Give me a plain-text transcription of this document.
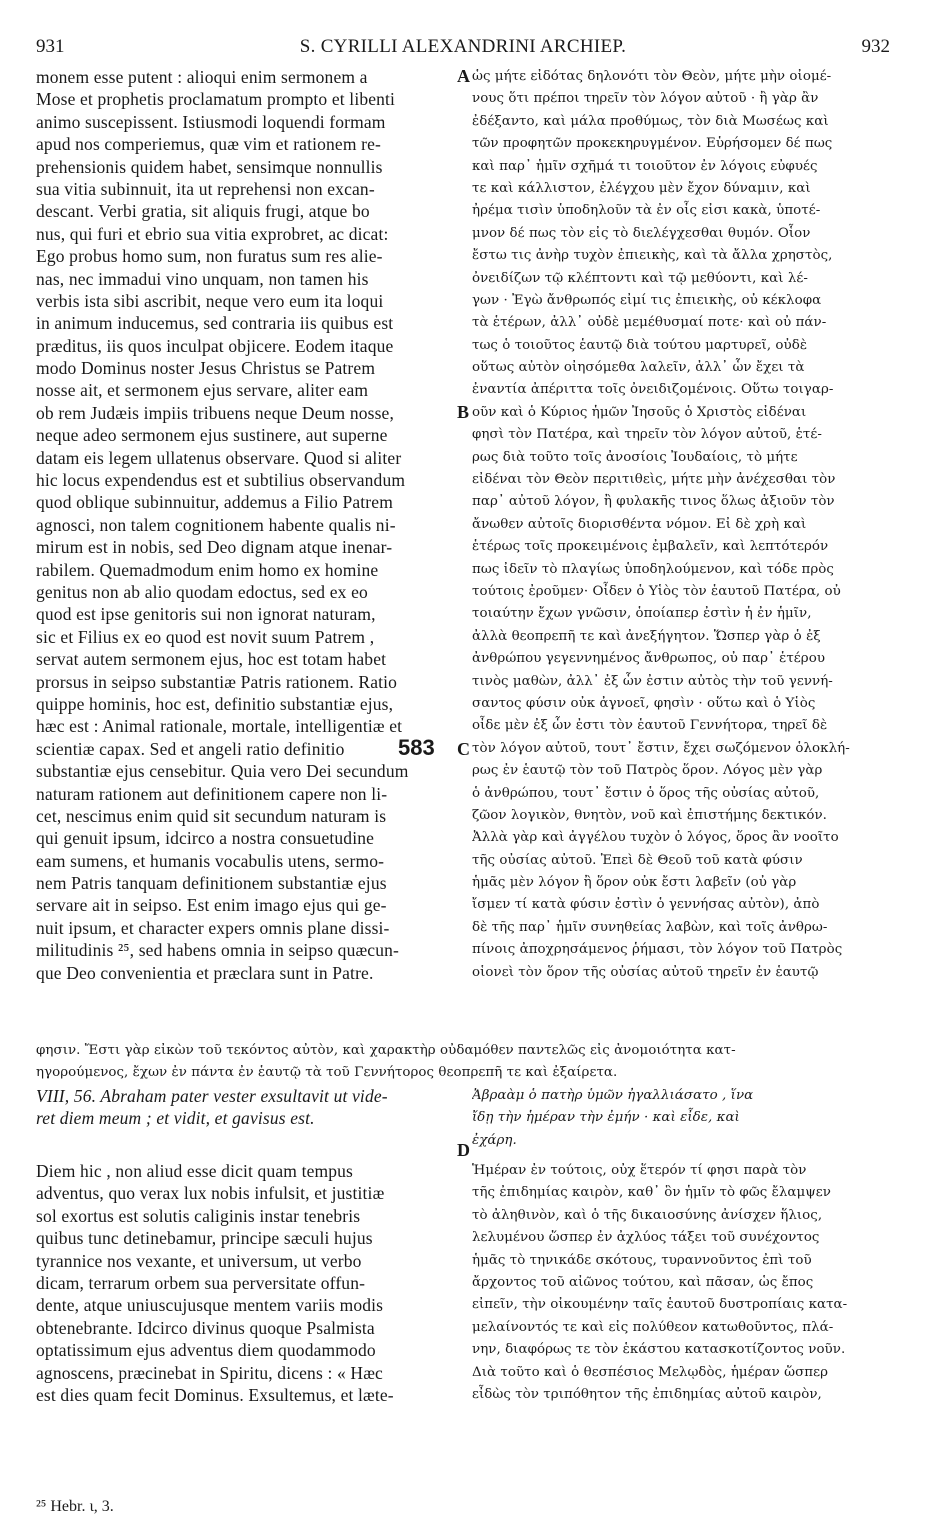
931	S. CYRILLI ALEXANDRINI ARCHIEP.	932
monem esse putent : alioqui enim sermonem a
Mose et prophetis proclamatum prompto et libenti
animo suscepissent. Istiusmodi loquendi formam
apud nos comperiemus, quæ vim et rationem re-
prehensionis quidem habet, sensimque nonnullis
sua vitia subinnuit, ita ut reprehensi non excan-
descant. Verbi gratia, sit aliquis frugi, atque bo
nus, qui furi et ebrio sua vitia exprobret, ac dicat:
Ego probus homo sum, non furatus sum res alie-
nas, nec immadui vino unquam, non tamen his
verbis ista sibi ascribit, neque vero eum ita loqui
in animum inducemus, sed contraria iis quibus est
præditus, iis quos inculpat objicere. Eodem itaque
modo Dominus noster Jesus Christus se Patrem
nosse ait, et sermonem ejus servare, aliter eam
ob rem Judæis impiis tribuens neque Deum nosse,
neque adeo sermonem ejus sustinere, aut superne
datam eis legem ullatenus observare. Quod si aliter
hic locus expendendus est et subtilius observandum
quod oblique subinnuitur, addemus a Filio Patrem
agnosci, non talem cognitionem habente qualis ni-
mirum est in nobis, sed Deo dignam atque inenar-
rabilem. Quemadmodum enim homo ex homine
genitus non ab alio quodam edoctus, sed ex eo
quod est ipse genitoris sui non ignorat naturam,
sic et Filius ex eo quod est novit suum Patrem ,
servat autem sermonem ejus, hoc est totam habet
prorsus in seipso substantiæ Patris rationem. Ratio
quippe hominis, hoc est, definitio substantiæ ejus,
hæc est : Animal rationale, mortale, intelligentiæ et
scientiæ capax. Sed et angeli ratio definitio
substantiæ ejus censebitur. Quia vero Dei secundum
naturam rationem aut definitionem capere non li-
cet, nescimus enim quid sit secundum naturam is
qui genuit ipsum, idcirco a nostra consuetudine
eam sumens, et humanis vocabulis utens, sermo-
nem Patris tanquam definitionem substantiæ ejus
servare ait in seipso. Est enim imago ejus qui ge-
nuit ipsum, et character expers omnis plane dissi-
militudinis ²⁵, sed habens omnia in seipso quæcun-
que Deo convenientia et præclara sunt in Patre.
ὡς μήτε εἰδότας δηλονότι τὸν Θεὸν, μήτε μὴν οἰομέ-
νους ὅτι πρέποι τηρεῖν τὸν λόγον αὐτοῦ · ἢ γὰρ ἂν
ἐδέξαντο, καὶ μάλα προθύμως, τὸν διὰ Μωσέως καὶ
τῶν προφητῶν προκεκηρυγμένον. Εὑρήσομεν δέ πως
καὶ παρ᾽ ἡμῖν σχῆμά τι τοιοῦτον ἐν λόγοις εὐφυές
τε καὶ κάλλιστον, ἐλέγχου μὲν ἔχον δύναμιν, καὶ
ἠρέμα τισὶν ὑποδηλοῦν τὰ ἐν οἷς εἰσι κακὰ, ὑποτέ-
μνον δέ πως τὸν εἰς τὸ διελέγχεσθαι θυμόν. Οἷον
ἔστω τις ἀνὴρ τυχὸν ἐπιεικὴς, καὶ τὰ ἄλλα χρηστὸς,
ὀνειδίζων τῷ κλέπτοντι καὶ τῷ μεθύοντι, καὶ λέ-
γων · Ἐγὼ ἄνθρωπός εἰμί τις ἐπιεικὴς, οὐ κέκλοφα
τὰ ἑτέρων, ἀλλ᾽ οὐδὲ μεμέθυσμαί ποτε· καὶ οὐ πάν-
τως ὁ τοιοῦτος ἑαυτῷ διὰ τούτου μαρτυρεῖ, οὐδὲ
οὕτως αὐτὸν οἰησόμεθα λαλεῖν, ἀλλ᾽ ὧν ἔχει τὰ
ἐναντία ἀπέριττα τοῖς ὀνειδιζομένοις. Οὕτω τοιγαρ-
οῦν καὶ ὁ Κύριος ἡμῶν Ἰησοῦς ὁ Χριστὸς εἰδέναι
φησὶ τὸν Πατέρα, καὶ τηρεῖν τὸν λόγον αὐτοῦ, ἑτέ-
ρως διὰ τοῦτο τοῖς ἀνοσίοις Ἰουδαίοις, τὸ μήτε
εἰδέναι τὸν Θεὸν περιτιθεὶς, μήτε μὴν ἀνέχεσθαι τὸν
παρ᾽ αὐτοῦ λόγον, ἢ φυλακῆς τινος ὅλως ἀξιοῦν τὸν
ἄνωθεν αὐτοῖς διορισθέντα νόμον. Εἰ δὲ χρὴ καὶ
ἑτέρως τοῖς προκειμένοις ἐμβαλεῖν, καὶ λεπτότερόν
πως ἰδεῖν τὸ πλαγίως ὑποδηλούμενον, καὶ τόδε πρὸς
τούτοις ἐροῦμεν· Οἶδεν ὁ Υἱὸς τὸν ἑαυτοῦ Πατέρα, οὐ
τοιαύτην ἔχων γνῶσιν, ὁποίαπερ ἐστὶν ἡ ἐν ἡμῖν,
ἀλλὰ θεοπρεπῆ τε καὶ ἀνεξήγητον. Ὥσπερ γὰρ ὁ ἐξ
ἀνθρώπου γεγεννημένος ἄνθρωπος, οὐ παρ᾽ ἑτέρου
τινὸς μαθὼν, ἀλλ᾽ ἐξ ὧν ἐστιν αὐτὸς τὴν τοῦ γεννή-
σαντος φύσιν οὐκ ἀγνοεῖ, φησὶν · οὕτω καὶ ὁ Υἱὸς
οἶδε μὲν ἐξ ὧν ἐστι τὸν ἑαυτοῦ Γεννήτορα, τηρεῖ δὲ
τὸν λόγον αὐτοῦ, τουτ᾽ ἔστιν, ἔχει σωζόμενον ὁλοκλή-
ρως ἐν ἑαυτῷ τὸν τοῦ Πατρὸς ὅρον. Λόγος μὲν γὰρ
ὁ ἀνθρώπου, τουτ᾽ ἔστιν ὁ ὅρος τῆς οὐσίας αὐτοῦ,
ζῶον λογικὸν, θνητὸν, νοῦ καὶ ἐπιστήμης δεκτικόν.
Ἀλλὰ γὰρ καὶ ἀγγέλου τυχὸν ὁ λόγος, ὅρος ἂν νοοῖτο
τῆς οὐσίας αὐτοῦ. Ἐπεὶ δὲ Θεοῦ τοῦ κατὰ φύσιν
ἡμᾶς μὲν λόγον ἢ ὅρον οὐκ ἔστι λαβεῖν (οὐ γὰρ
ἴσμεν τί κατὰ φύσιν ἐστὶν ὁ γεννήσας αὐτὸν), ἀπὸ
δὲ τῆς παρ᾽ ἡμῖν συνηθείας λαβὼν, καὶ τοῖς ἀνθρω-
πίνοις ἀποχρησάμενος ῥήμασι, τὸν λόγον τοῦ Πατρὸς
οἱονεὶ τὸν ὅρον τῆς οὐσίας αὐτοῦ τηρεῖν ἐν ἑαυτῷ
A
B
583 C
D
φησιν. Ἔστι γὰρ εἰκὼν τοῦ τεκόντος αὐτὸν, καὶ χαρακτὴρ οὐδαμόθεν παντελῶς εἰς ἀνομοιότητα κατ-
ηγορούμενος, ἔχων ἐν πάντα ἐν ἑαυτῷ τὰ τοῦ Γεννήτορος θεοπρεπῆ τε καὶ ἐξαίρετα.
VIII, 56. Abraham pater vester exsultavit ut vide-
ret diem meum ; et vidit, et gavisus est.
Ἀβραὰμ ὁ πατὴρ ὑμῶν ἠγαλλιάσατο , ἵνα
ἴδῃ τὴν ἡμέραν τὴν ἐμήν · καὶ εἶδε, καὶ
ἐχάρη.
Diem hic , non aliud esse dicit quam tempus
adventus, quo verax lux nobis infulsit, et justitiæ
sol exortus est solutis caliginis instar tenebris
quibus tunc detinebamur, principe sæculi hujus
tyrannice nos vexante, et universum, ut verbo
dicam, terrarum orbem sua perversitate offun-
dente, atque uniuscujusque mentem variis modis
obtenebrante. Idcirco divinus quoque Psalmista
optatissimum ejus adventus diem quodammodo
agnoscens, præcinebat in Spiritu, dicens : « Hæc
est dies quam fecit Dominus. Exsultemus, et læte-
Ἡμέραν ἐν τούτοις, οὐχ ἕτερόν τί φησι παρὰ τὸν
τῆς ἐπιδημίας καιρὸν, καθ᾽ ὃν ἡμῖν τὸ φῶς ἔλαμψεν
τὸ ἀληθινὸν, καὶ ὁ τῆς δικαιοσύνης ἀνίσχεν ἥλιος,
λελυμένου ὥσπερ ἐν ἀχλύος τάξει τοῦ συνέχοντος
ἡμᾶς τὸ τηνικάδε σκότους, τυραννοῦντος ἐπὶ τοῦ
ἄρχοντος τοῦ αἰῶνος τούτου, καὶ πᾶσαν, ὡς ἔπος
εἰπεῖν, τὴν οἰκουμένην ταῖς ἑαυτοῦ δυστροπίαις κατα-
μελαίνοντός τε καὶ εἰς πολύθεον κατωθοῦντος, πλά-
νην, διαφόρως τε τὸν ἑκάστου κατασκοτίζοντος νοῦν.
Διὰ τοῦτο καὶ ὁ θεσπέσιος Μελῳδὸς, ἡμέραν ὥσπερ
εἶδὼς τὸν τριπόθητον τῆς ἐπιδημίας αὐτοῦ καιρὸν,
²⁵ Hebr. ι, 3.
